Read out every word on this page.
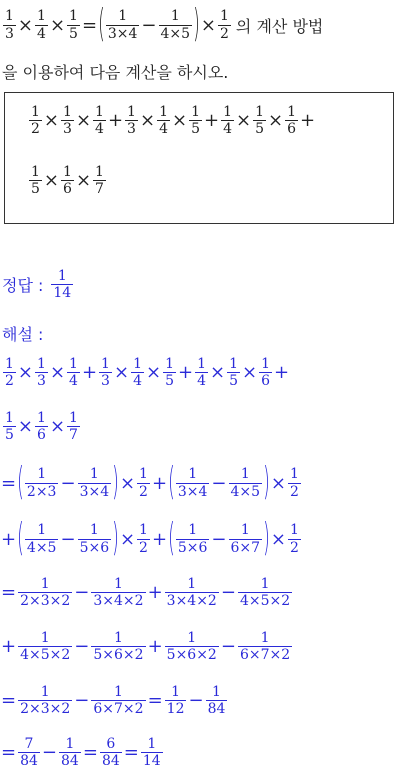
$\frac{1}{3} \times \frac{1}{4} \times \frac{1}{5}$ = ( $\frac{1}{3\times 4} - \frac{1}{4\times 5}$ ) × $\frac{1}{2}$ 의 계산 방법
을 이용하여 다음 계산을 하시오.
$\frac{1}{2} \times \frac{1}{3} \times \frac{1}{4} + \frac{1}{3} \times \frac{1}{4} \times \frac{1}{5} + \frac{1}{4} \times \frac{1}{5} \times \frac{1}{6}$ +
$\frac{1}{5} \times \frac{1}{6} \times \frac{1}{7}$
정답 : $\frac{1}{14}$
해설 :
$\frac{1}{2} \times \frac{1}{3} \times \frac{1}{4} + \frac{1}{3} \times \frac{1}{4} \times \frac{1}{5} + \frac{1}{4} \times \frac{1}{5} \times \frac{1}{6}$ +
$\frac{1}{5} \times \frac{1}{6} \times \frac{1}{7}$
= ( $\frac{1}{2\times 3} - \frac{1}{3\times 4}$ ) × $\frac{1}{2}$ + ( $\frac{1}{3\times 4} - \frac{1}{4\times 5}$ ) × $\frac{1}{2}$
+ ( $\frac{1}{4\times 5} - \frac{1}{5\times 6}$ ) × $\frac{1}{2}$ + ( $\frac{1}{5\times 6} - \frac{1}{6\times 7}$ ) × $\frac{1}{2}$
= $\frac{1}{2\times 3\times 2} - \frac{1}{3\times 4\times 2} + \frac{1}{3\times 4\times 2} - \frac{1}{4\times 5\times 2}$
+ $\frac{1}{4\times 5\times 2} - \frac{1}{5\times 6\times 2} + \frac{1}{5\times 6\times 2} - \frac{1}{6\times 7\times 2}$
= $\frac{1}{2\times 3\times 2} - \frac{1}{6\times 7\times 2} = \frac{1}{12} - \frac{1}{84}$
= $\frac{7}{84} - \frac{1}{84} = \frac{6}{84} = \frac{1}{14}$
